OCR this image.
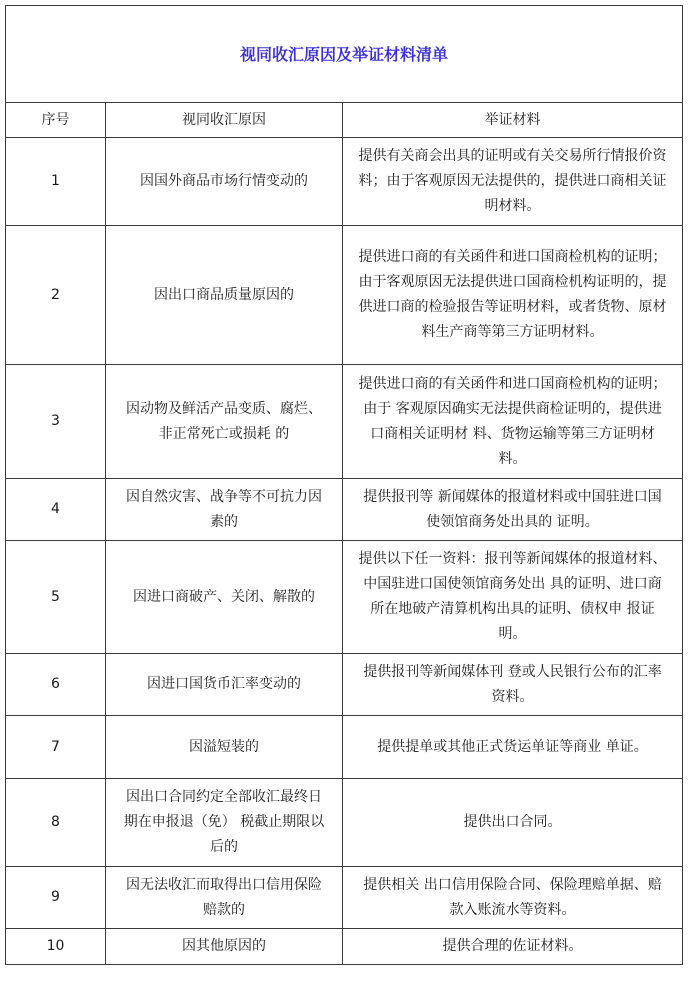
视同收汇原因及举证材料清单		
序号	视同收汇原因	举证材料
1	因国外商品市场行情变动的	提供有关商会出具的证明或有关交易所行情报价资料；由于客观原因无法提供的，提供进口商相关证明材料。
2	因出口商品质量原因的	提供进口商的有关函件和进口国商检机构的证明；由于客观原因无法提供进口国商检机构证明的，提供进口商的检验报告等证明材料，或者货物、原材料生产商等第三方证明材料。
3	因动物及鲜活产品变质、腐烂、非正常死亡或损耗 的	提供进口商的有关函件和进口国商检机构的证明；由于 客观原因确实无法提供商检证明的，提供进口商相关证明材 料、货物运输等第三方证明材料。
4	因自然灾害、战争等不可抗力因素的	提供报刊等 新闻媒体的报道材料或中国驻进口国使领馆商务处出具的 证明。
5	因进口商破产、关闭、解散的	提供以下任一资料：报刊等新闻媒体的报道材料、中国驻进口国使领馆商务处出 具的证明、进口商所在地破产清算机构出具的证明、债权申 报证明。
6	因进口国货币汇率变动的	提供报刊等新闻媒体刊 登或人民银行公布的汇率资料。
7	因溢短装的	提供提单或其他正式货运单证等商业 单证。
8	因出口合同约定全部收汇最终日期在申报退（免） 税截止期限以后的	提供出口合同。
9	因无法收汇而取得出口信用保险赔款的	提供相关 出口信用保险合同、保险理赔单据、赔款入账流水等资料。
10	因其他原因的	提供合理的佐证材料。
